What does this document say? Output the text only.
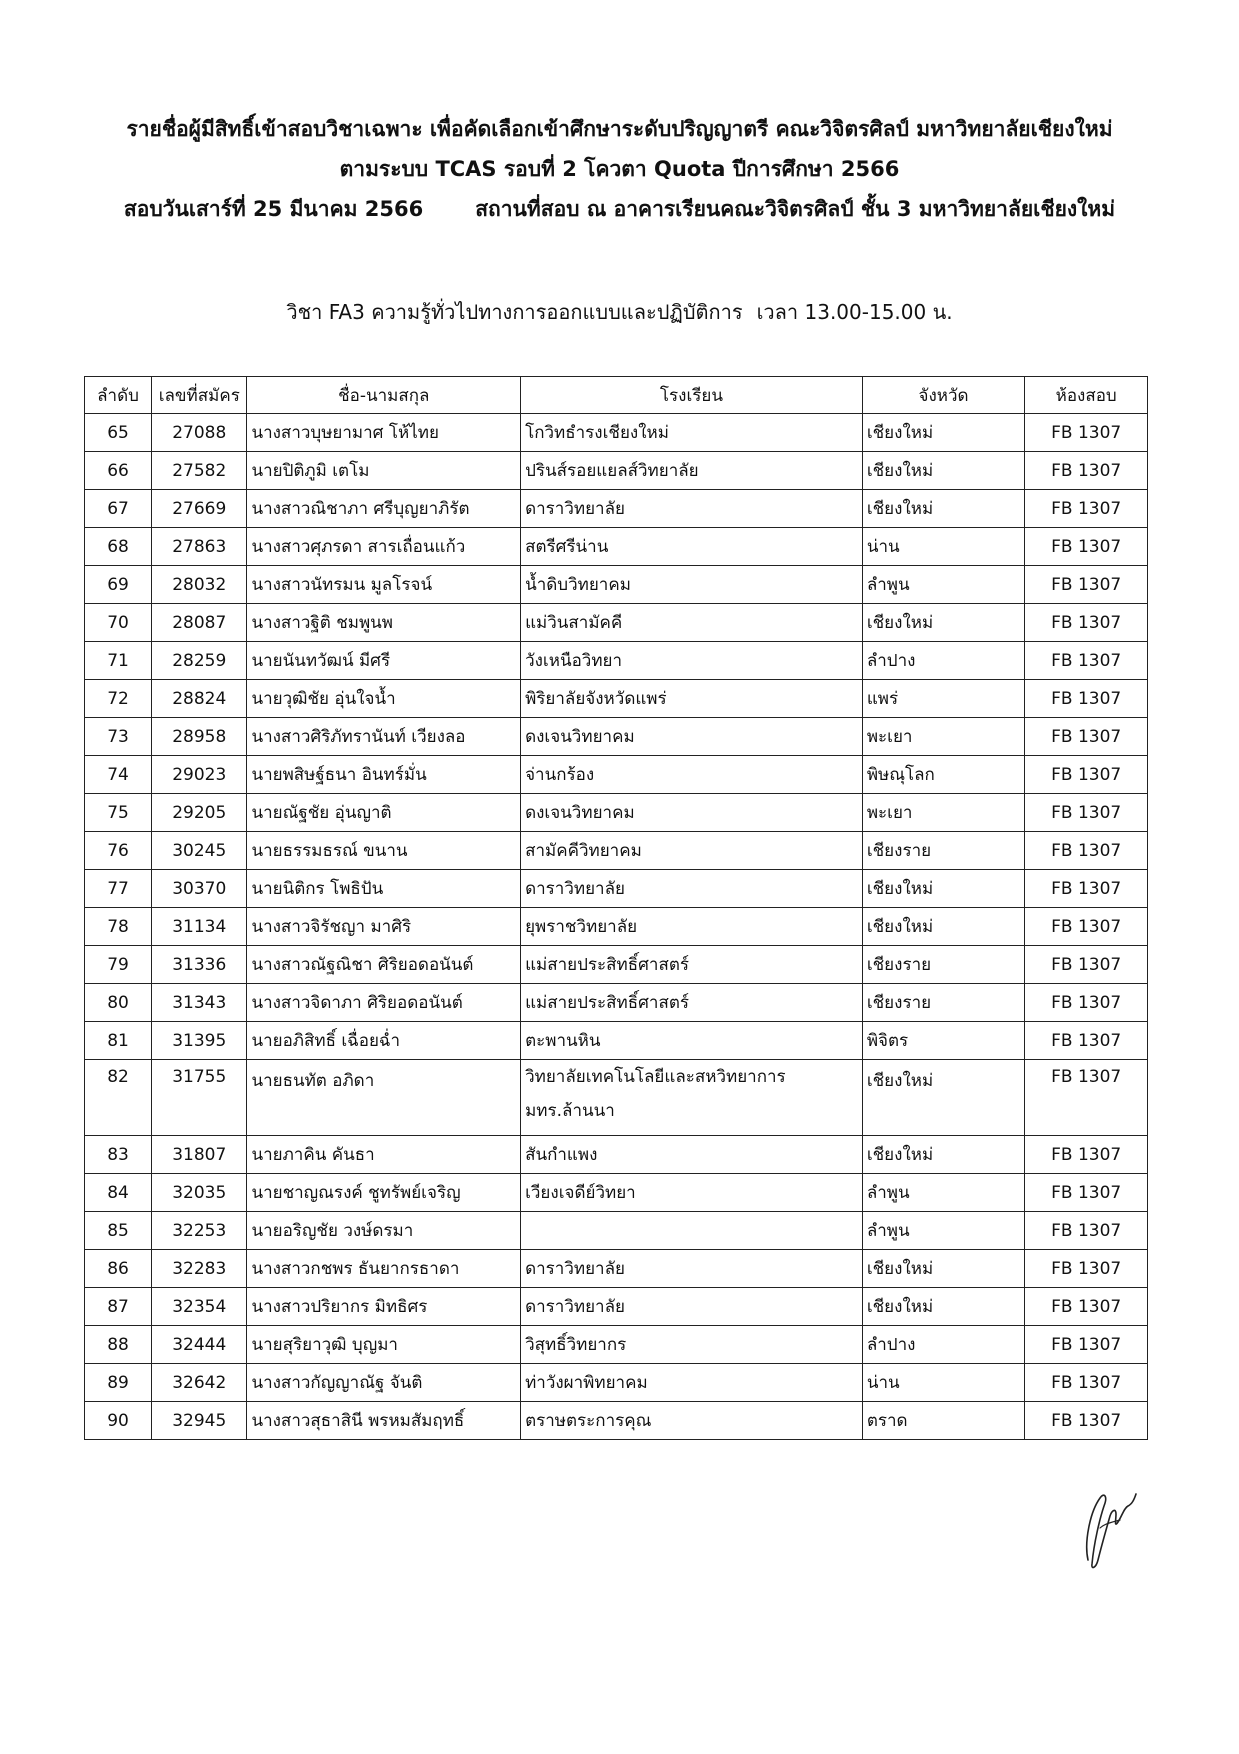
รายชื่อผู้มีสิทธิ์เข้าสอบวิชาเฉพาะ เพื่อคัดเลือกเข้าศึกษาระดับปริญญาตรี คณะวิจิตรศิลป์ มหาวิทยาลัยเชียงใหม่
ตามระบบ TCAS รอบที่ 2 โควตา Quota ปีการศึกษา 2566
สอบวันเสาร์ที่ 25 มีนาคม 2566 สถานที่สอบ ณ อาคารเรียนคณะวิจิตรศิลป์ ชั้น 3 มหาวิทยาลัยเชียงใหม่
วิชา FA3 ความรู้ทั่วไปทางการออกแบบและปฏิบัติการ เวลา 13.00-15.00 น.
ลำดับ	เลขที่สมัคร	ชื่อ-นามสกุล	โรงเรียน	จังหวัด	ห้องสอบ
65	27088	นางสาวบุษยามาศ โห้ไทย	โกวิทธำรงเชียงใหม่	เชียงใหม่	FB 1307
66	27582	นายปิติภูมิ เตโม	ปรินส์รอยแยลส์วิทยาลัย	เชียงใหม่	FB 1307
67	27669	นางสาวณิชาภา ศรีบุญยาภิรัต	ดาราวิทยาลัย	เชียงใหม่	FB 1307
68	27863	นางสาวศุภรดา สารเถื่อนแก้ว	สตรีศรีน่าน	น่าน	FB 1307
69	28032	นางสาวนัทรมน มูลโรจน์	น้ำดิบวิทยาคม	ลำพูน	FB 1307
70	28087	นางสาวฐิติ ชมพูนพ	แม่วินสามัคคี	เชียงใหม่	FB 1307
71	28259	นายนันทวัฒน์ มีศรี	วังเหนือวิทยา	ลำปาง	FB 1307
72	28824	นายวุฒิชัย อุ่นใจน้ำ	พิริยาลัยจังหวัดแพร่	แพร่	FB 1307
73	28958	นางสาวศิริภัทรานันท์ เวียงลอ	ดงเจนวิทยาคม	พะเยา	FB 1307
74	29023	นายพสิษฐ์ธนา อินทร์มั่น	จ่านกร้อง	พิษณุโลก	FB 1307
75	29205	นายณัฐชัย อุ่นญาติ	ดงเจนวิทยาคม	พะเยา	FB 1307
76	30245	นายธรรมธรณ์ ขนาน	สามัคคีวิทยาคม	เชียงราย	FB 1307
77	30370	นายนิติกร โพธิปัน	ดาราวิทยาลัย	เชียงใหม่	FB 1307
78	31134	นางสาวจิรัชญา มาศิริ	ยุพราชวิทยาลัย	เชียงใหม่	FB 1307
79	31336	นางสาวณัฐณิชา ศิริยอดอนันต์	แม่สายประสิทธิ์ศาสตร์	เชียงราย	FB 1307
80	31343	นางสาวจิดาภา ศิริยอดอนันต์	แม่สายประสิทธิ์ศาสตร์	เชียงราย	FB 1307
81	31395	นายอภิสิทธิ์ เฉื่อยฉ่ำ	ตะพานหิน	พิจิตร	FB 1307
82	31755	นายธนทัต อภิดา	วิทยาลัยเทคโนโลยีและสหวิทยาการ มทร.ล้านนา	เชียงใหม่	FB 1307
83	31807	นายภาคิน คันธา	สันกำแพง	เชียงใหม่	FB 1307
84	32035	นายชาญณรงค์ ชูทรัพย์เจริญ	เวียงเจดีย์วิทยา	ลำพูน	FB 1307
85	32253	นายอริญชัย วงษ์ดรมา		ลำพูน	FB 1307
86	32283	นางสาวกชพร ธันยากรธาดา	ดาราวิทยาลัย	เชียงใหม่	FB 1307
87	32354	นางสาวปริยากร มิทธิศร	ดาราวิทยาลัย	เชียงใหม่	FB 1307
88	32444	นายสุริยาวุฒิ บุญมา	วิสุทธิ์วิทยากร	ลำปาง	FB 1307
89	32642	นางสาวกัญญาณัฐ จันติ	ท่าวังผาพิทยาคม	น่าน	FB 1307
90	32945	นางสาวสุธาสินี พรหมสัมฤทธิ์	ตราษตระการคุณ	ตราด	FB 1307
